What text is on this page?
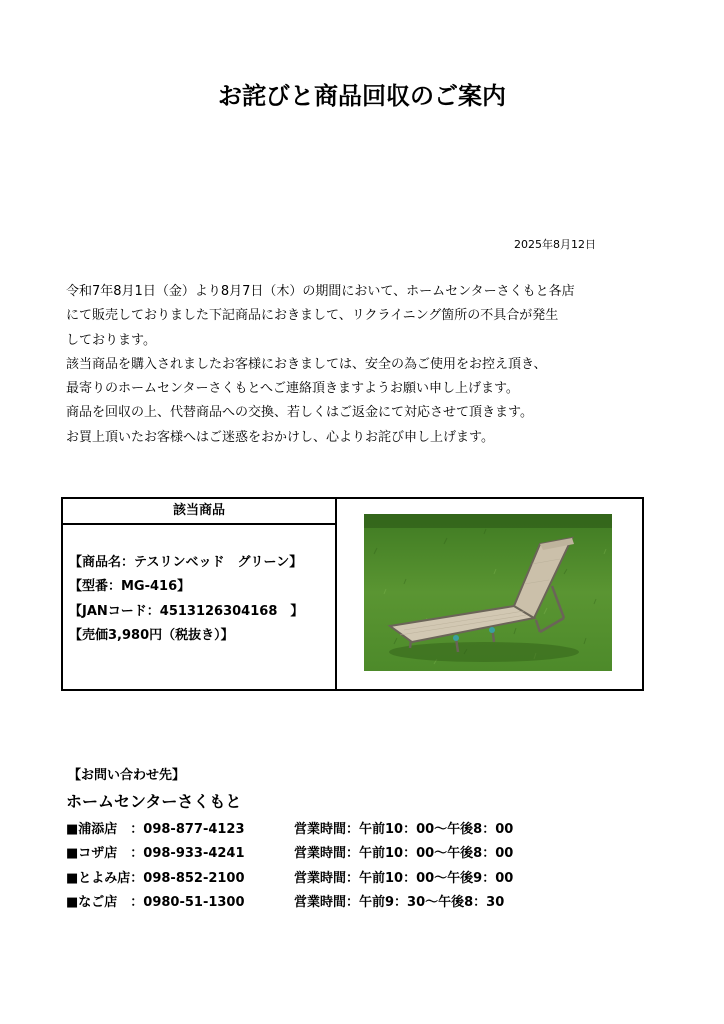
お詫びと商品回収のご案内
2025年8月12日

令和7年8月1日（金）より8月7日（木）の期間において、ホームセンターさくもと各店

にて販売しておりました下記商品におきまして、リクライニング箇所の不具合が発生

しております。

該当商品を購入されましたお客様におきましては、安全の為ご使用をお控え頂き、

最寄りのホームセンターさくもとへご連絡頂きますようお願い申し上げます。

商品を回収の上、代替商品への交換、若しくはご返金にて対応させて頂きます。

お買上頂いたお客様へはご迷惑をおかけし、心よりお詫び申し上げます。

該当商品
【商品名：テスリンベッド　グリーン】
【型番：MG-416】
【JANコード：4513126304168　】
【売価3,980円（税抜き）】
【お問い合わせ先】
ホームセンターさくもと
■浦添店　：098-877-4123	営業時間：午前10：00～午後8：00
■コザ店　：098-933-4241	営業時間：午前10：00～午後8：00
■とよみ店：098-852-2100	営業時間：午前10：00～午後9：00
■なご店　：0980-51-1300	営業時間：午前9：30～午後8：30
